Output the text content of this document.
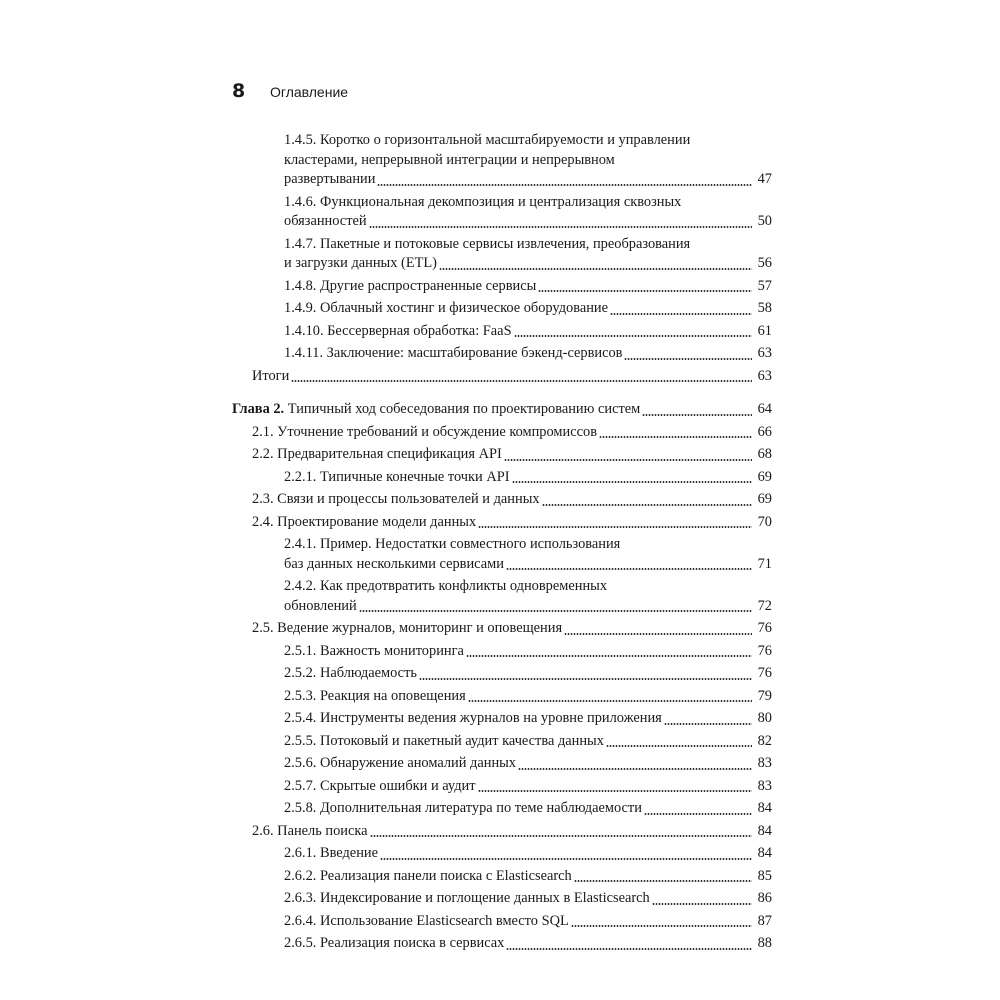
8	Оглавление
1.4.5. Коротко о горизонтальной масштабируемости и управлении
кластерами, непрерывной интеграции и непрерывном
развертывании	47
1.4.6. Функциональная декомпозиция и централизация сквозных
обязанностей	50
1.4.7. Пакетные и потоковые сервисы извлечения, преобразования
и загрузки данных (ETL)	56
1.4.8. Другие распространенные сервисы	57
1.4.9. Облачный хостинг и физическое оборудование	58
1.4.10. Бессерверная обработка: FaaS	61
1.4.11. Заключение: масштабирование бэкенд-сервисов	63
Итоги	63
Глава 2. Типичный ход собеседования по проектированию систем	64
2.1. Уточнение требований и обсуждение компромиссов	66
2.2. Предварительная спецификация API	68
2.2.1. Типичные конечные точки API	69
2.3. Связи и процессы пользователей и данных	69
2.4. Проектирование модели данных	70
2.4.1. Пример. Недостатки совместного использования
баз данных несколькими сервисами	71
2.4.2. Как предотвратить конфликты одновременных
обновлений	72
2.5. Ведение журналов, мониторинг и оповещения	76
2.5.1. Важность мониторинга	76
2.5.2. Наблюдаемость	76
2.5.3. Реакция на оповещения	79
2.5.4. Инструменты ведения журналов на уровне приложения	80
2.5.5. Потоковый и пакетный аудит качества данных	82
2.5.6. Обнаружение аномалий данных	83
2.5.7. Скрытые ошибки и аудит	83
2.5.8. Дополнительная литература по теме наблюдаемости	84
2.6. Панель поиска	84
2.6.1. Введение	84
2.6.2. Реализация панели поиска с Elasticsearch	85
2.6.3. Индексирование и поглощение данных в Elasticsearch	86
2.6.4. Использование Elasticsearch вместо SQL	87
2.6.5. Реализация поиска в сервисах	88
